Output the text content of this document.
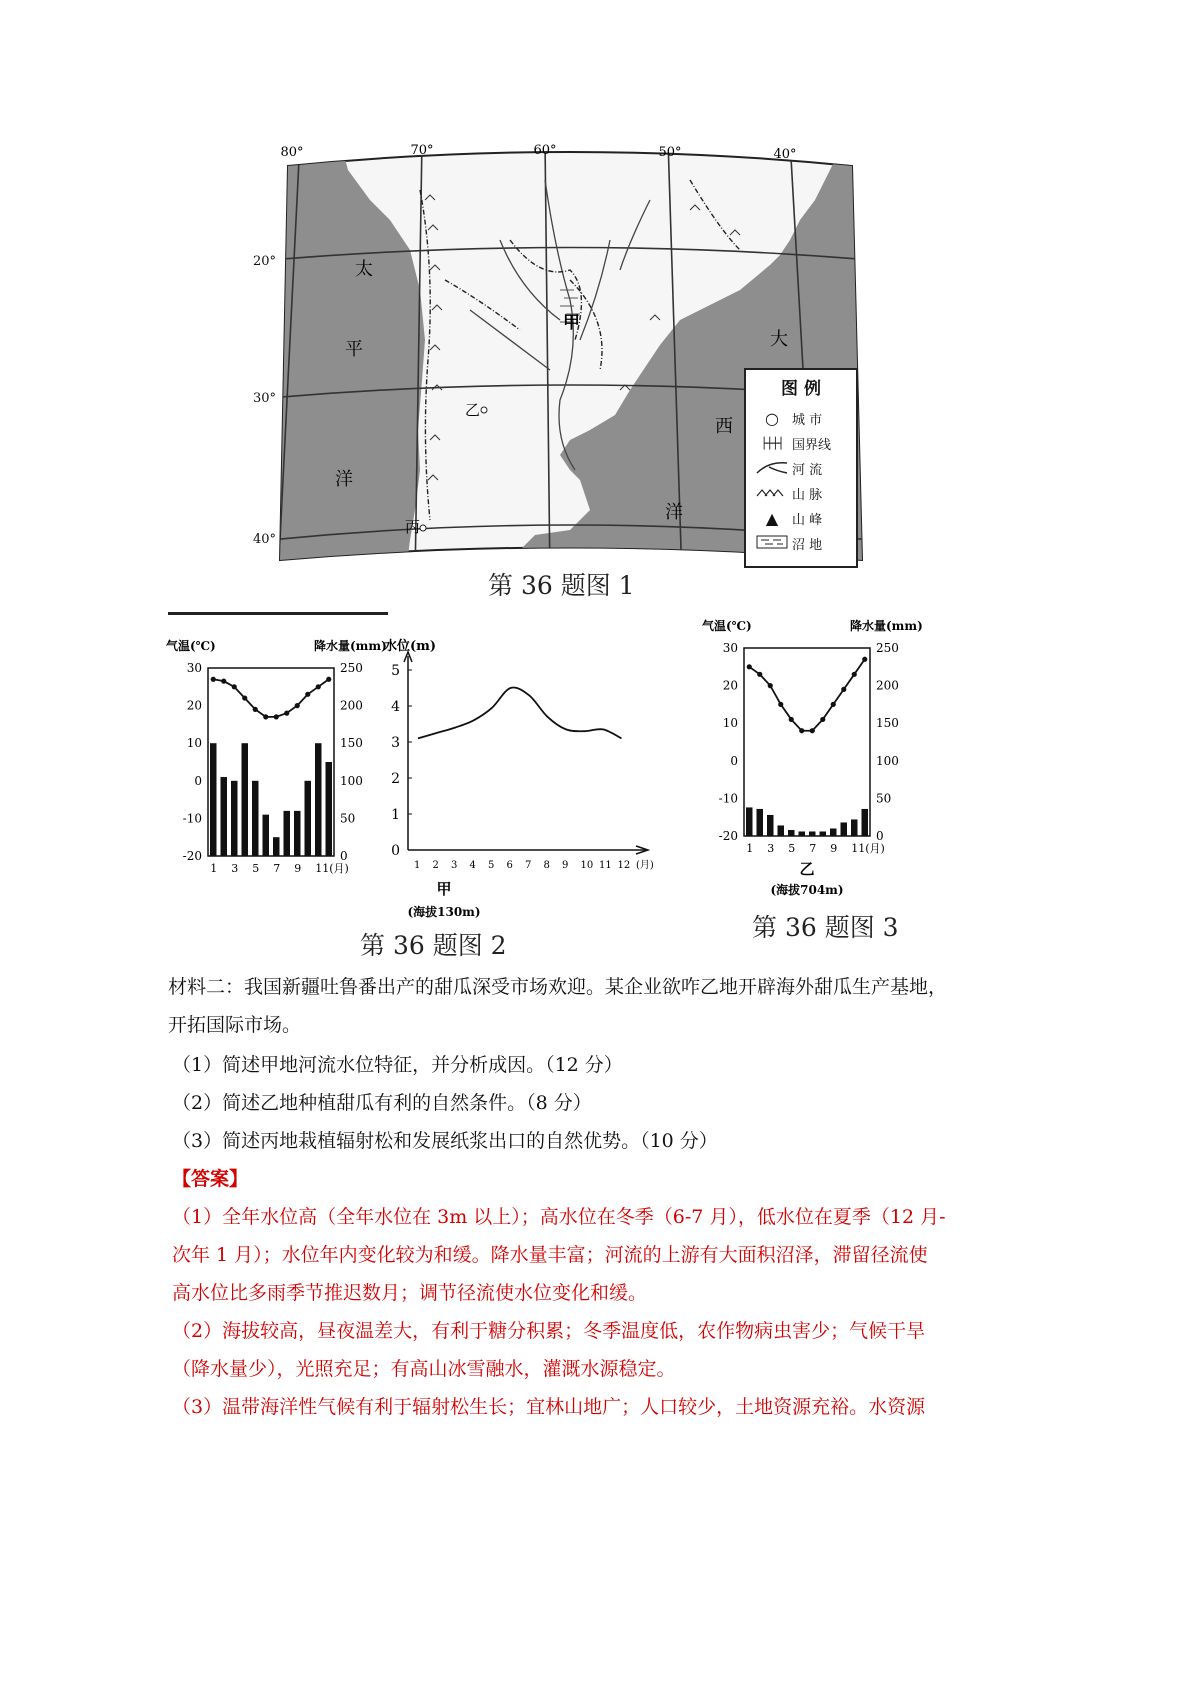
80°	70°	60°	50°	40°
太
平
洋
大
西
洋
甲
乙
丙
20°
30°
40°
图 例
○	城 市
├┼┼┤ 国界线
河 流
山 脉
▲	山 峰
沼 地
第 36 题图 1
气温(℃)	降水量(mm)
30
20
10
0
-10
-20
250
200
150
100
50
0
1 3 5 7 9 11(月)
水位(m)
5
4
3
2
1
0
1 2 3 4 5 6 7 8 9 10 11 12 (月)
甲
(海拔130m)
气温(℃)	降水量(mm)
30
20
10
0
-10
-20
250
200
150
100
50
0
1 3 5 7 9 11(月)
乙
(海拔704m)
第 36 题图 2
第 36 题图 3
材料二：我国新疆吐鲁番出产的甜瓜深受市场欢迎。某企业欲咋乙地开辟海外甜瓜生产基地，
开拓国际市场。
（1）简述甲地河流水位特征，并分析成因。（12 分）
（2）简述乙地种植甜瓜有利的自然条件。（8 分）
（3）简述丙地栽植辐射松和发展纸浆出口的自然优势。（10 分）
【答案】
（1）全年水位高（全年水位在 3m 以上）；高水位在冬季（6-7 月），低水位在夏季（12 月-
次年 1 月）；水位年内变化较为和缓。降水量丰富；河流的上游有大面积沼泽，滞留径流使
高水位比多雨季节推迟数月；调节径流使水位变化和缓。
（2）海拔较高，昼夜温差大，有利于糖分积累；冬季温度低，农作物病虫害少；气候干旱
（降水量少），光照充足；有高山冰雪融水，灌溉水源稳定。
（3）温带海洋性气候有利于辐射松生长；宜林山地广；人口较少，土地资源充裕。水资源
